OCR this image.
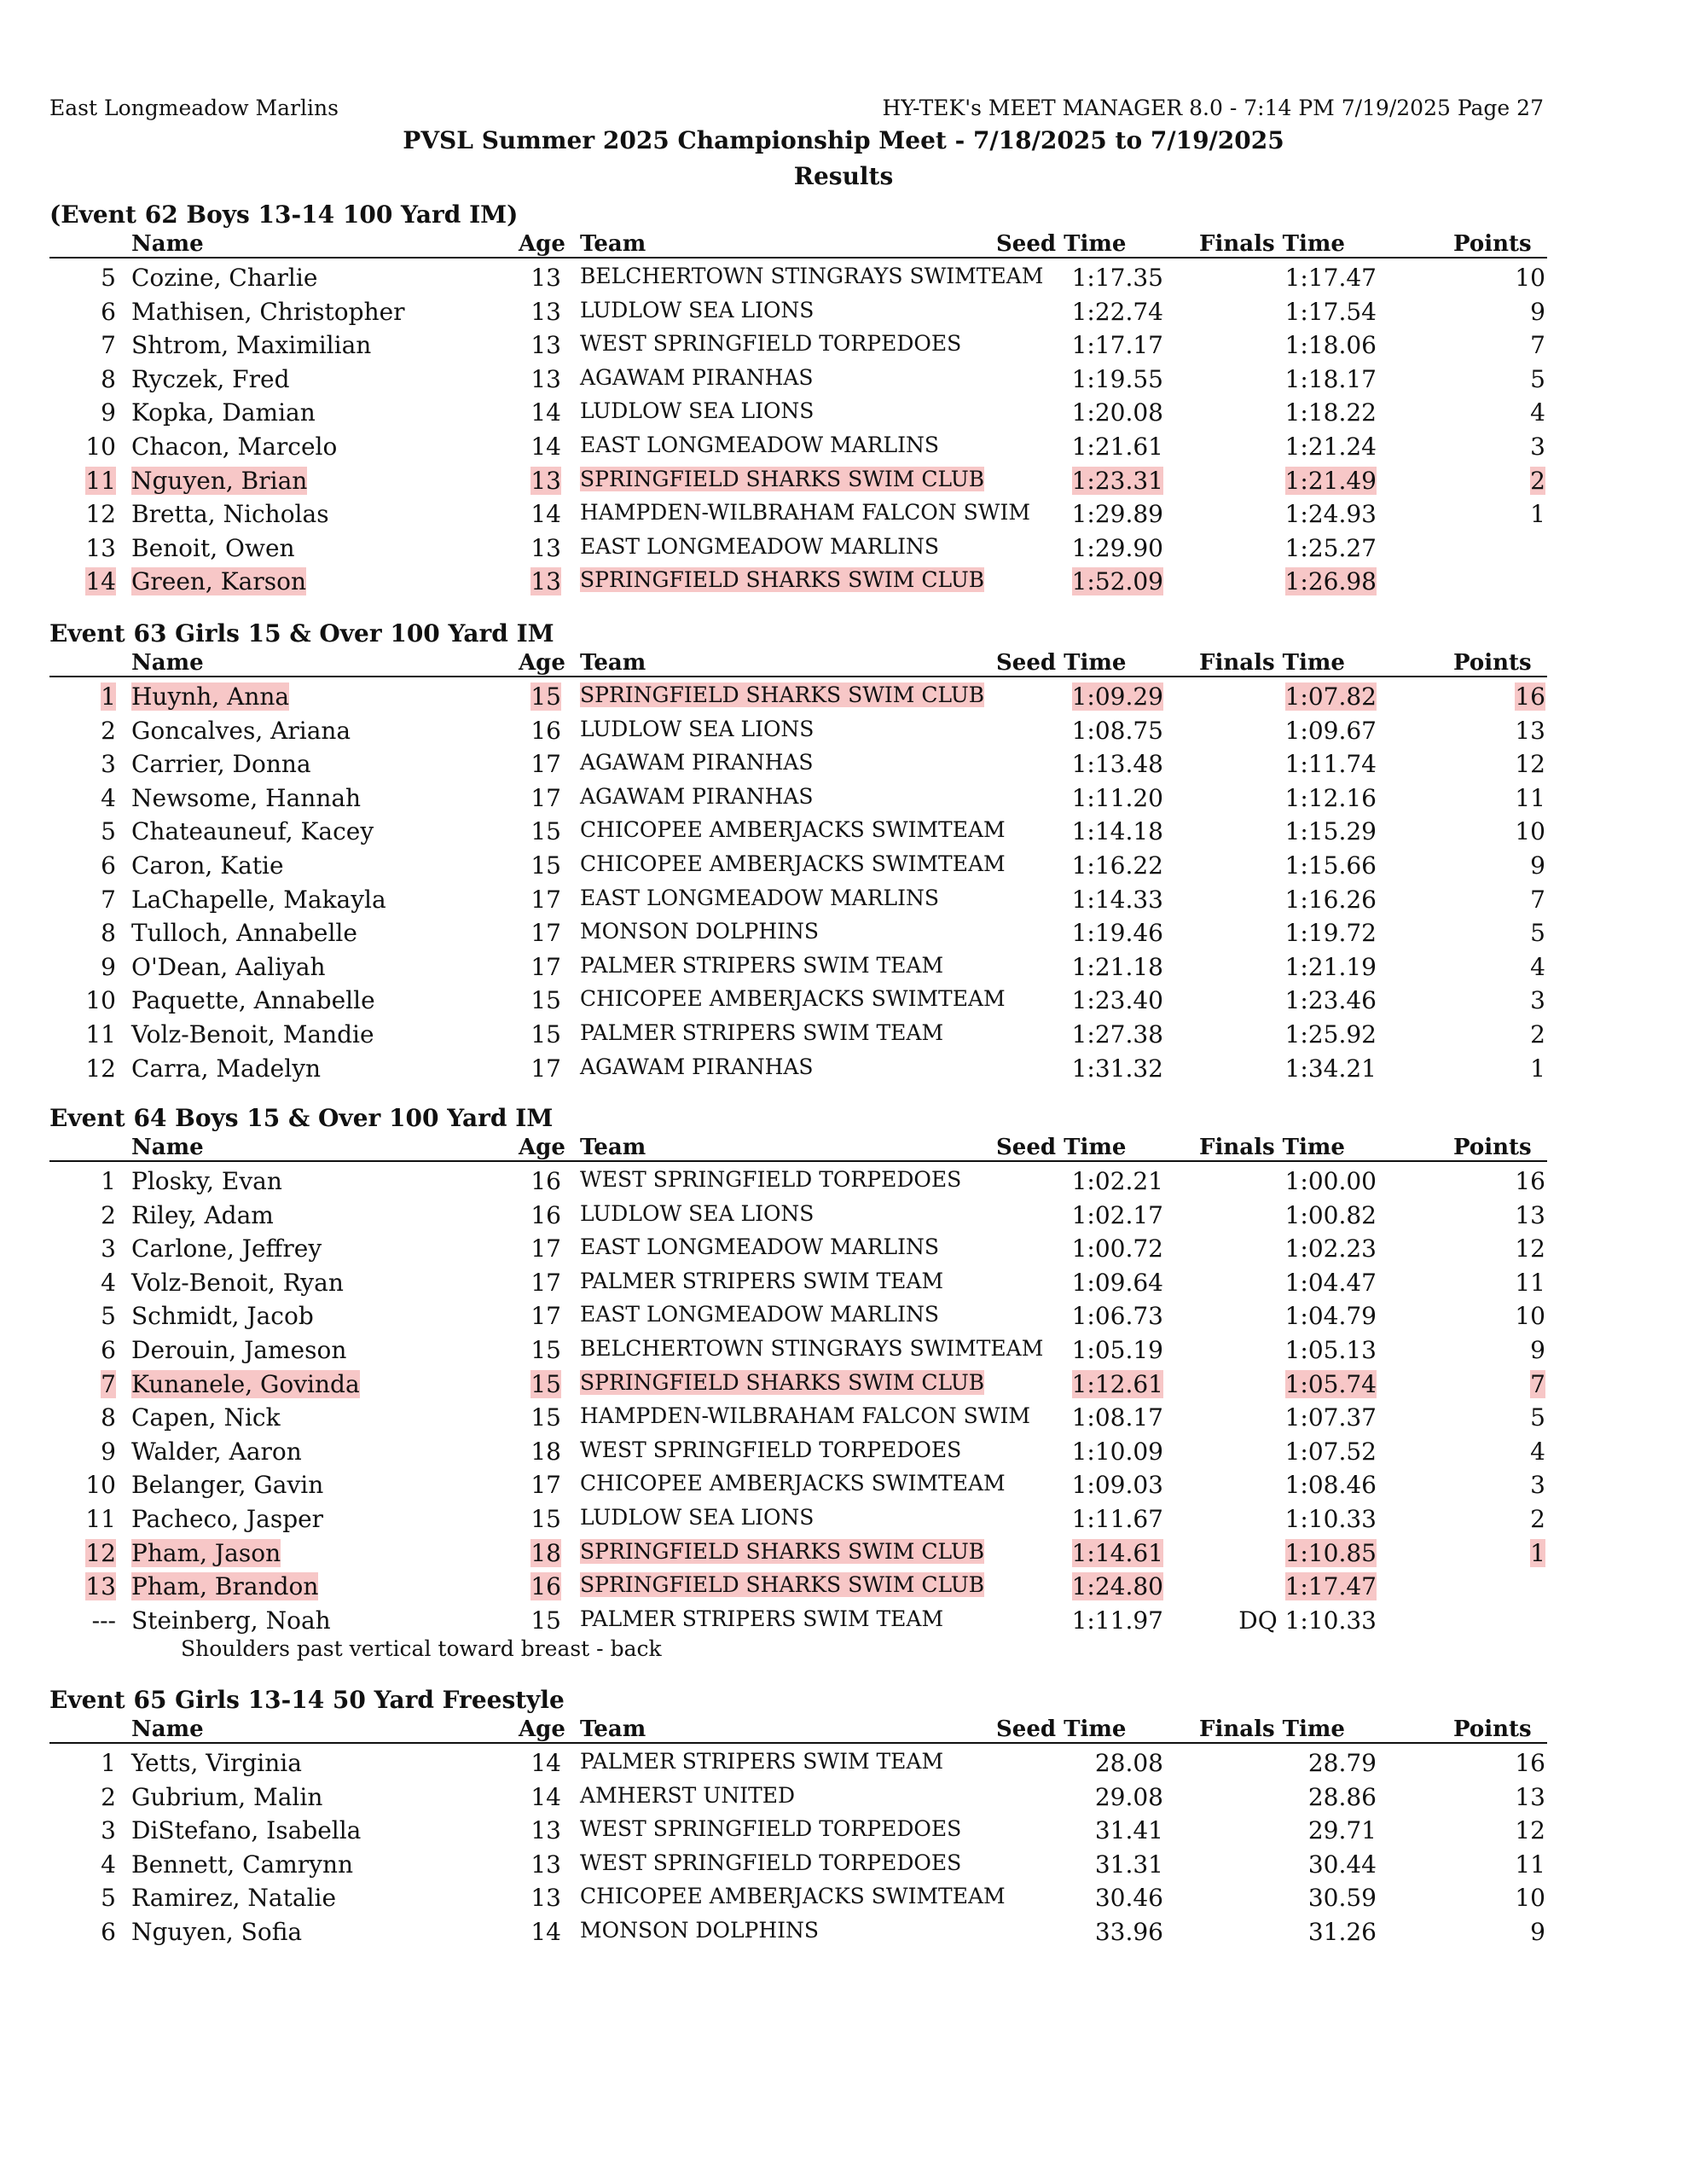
East Longmeadow Marlins	HY-TEK's MEET MANAGER 8.0 - 7:14 PM 7/19/2025 Page 27
PVSL Summer 2025 Championship Meet - 7/18/2025 to 7/19/2025
Results
(Event 62 Boys 13-14 100 Yard IM)
Name	Age Team	Seed Time	Finals Time	Points
5 Cozine, Charlie	13 BELCHERTOWN STINGRAYS SWIMTEAM	1:17.35	1:17.47	10
6 Mathisen, Christopher	13 LUDLOW SEA LIONS	1:22.74	1:17.54	9
7 Shtrom, Maximilian	13 WEST SPRINGFIELD TORPEDOES	1:17.17	1:18.06	7
8 Ryczek, Fred	13 AGAWAM PIRANHAS	1:19.55	1:18.17	5
9 Kopka, Damian	14 LUDLOW SEA LIONS	1:20.08	1:18.22	4
10 Chacon, Marcelo	14 EAST LONGMEADOW MARLINS	1:21.61	1:21.24	3
11 Nguyen, Brian	13 SPRINGFIELD SHARKS SWIM CLUB	1:23.31	1:21.49	2
12 Bretta, Nicholas	14 HAMPDEN-WILBRAHAM FALCON SWIM	1:29.89	1:24.93	1
13 Benoit, Owen	13 EAST LONGMEADOW MARLINS	1:29.90	1:25.27
14 Green, Karson	13 SPRINGFIELD SHARKS SWIM CLUB	1:52.09	1:26.98
Event 63 Girls 15 & Over 100 Yard IM
Name	Age Team	Seed Time	Finals Time	Points
1 Huynh, Anna	15 SPRINGFIELD SHARKS SWIM CLUB	1:09.29	1:07.82	16
2 Goncalves, Ariana	16 LUDLOW SEA LIONS	1:08.75	1:09.67	13
3 Carrier, Donna	17 AGAWAM PIRANHAS	1:13.48	1:11.74	12
4 Newsome, Hannah	17 AGAWAM PIRANHAS	1:11.20	1:12.16	11
5 Chateauneuf, Kacey	15 CHICOPEE AMBERJACKS SWIMTEAM	1:14.18	1:15.29	10
6 Caron, Katie	15 CHICOPEE AMBERJACKS SWIMTEAM	1:16.22	1:15.66	9
7 LaChapelle, Makayla	17 EAST LONGMEADOW MARLINS	1:14.33	1:16.26	7
8 Tulloch, Annabelle	17 MONSON DOLPHINS	1:19.46	1:19.72	5
9 O'Dean, Aaliyah	17 PALMER STRIPERS SWIM TEAM	1:21.18	1:21.19	4
10 Paquette, Annabelle	15 CHICOPEE AMBERJACKS SWIMTEAM	1:23.40	1:23.46	3
11 Volz-Benoit, Mandie	15 PALMER STRIPERS SWIM TEAM	1:27.38	1:25.92	2
12 Carra, Madelyn	17 AGAWAM PIRANHAS	1:31.32	1:34.21	1
Event 64 Boys 15 & Over 100 Yard IM
Name	Age Team	Seed Time	Finals Time	Points
1 Plosky, Evan	16 WEST SPRINGFIELD TORPEDOES	1:02.21	1:00.00	16
2 Riley, Adam	16 LUDLOW SEA LIONS	1:02.17	1:00.82	13
3 Carlone, Jeffrey	17 EAST LONGMEADOW MARLINS	1:00.72	1:02.23	12
4 Volz-Benoit, Ryan	17 PALMER STRIPERS SWIM TEAM	1:09.64	1:04.47	11
5 Schmidt, Jacob	17 EAST LONGMEADOW MARLINS	1:06.73	1:04.79	10
6 Derouin, Jameson	15 BELCHERTOWN STINGRAYS SWIMTEAM	1:05.19	1:05.13	9
7 Kunanele, Govinda	15 SPRINGFIELD SHARKS SWIM CLUB	1:12.61	1:05.74	7
8 Capen, Nick	15 HAMPDEN-WILBRAHAM FALCON SWIM	1:08.17	1:07.37	5
9 Walder, Aaron	18 WEST SPRINGFIELD TORPEDOES	1:10.09	1:07.52	4
10 Belanger, Gavin	17 CHICOPEE AMBERJACKS SWIMTEAM	1:09.03	1:08.46	3
11 Pacheco, Jasper	15 LUDLOW SEA LIONS	1:11.67	1:10.33	2
12 Pham, Jason	18 SPRINGFIELD SHARKS SWIM CLUB	1:14.61	1:10.85	1
13 Pham, Brandon	16 SPRINGFIELD SHARKS SWIM CLUB	1:24.80	1:17.47
--- Steinberg, Noah	15 PALMER STRIPERS SWIM TEAM	1:11.97	DQ 1:10.33
Shoulders past vertical toward breast - back
Event 65 Girls 13-14 50 Yard Freestyle
Name	Age Team	Seed Time	Finals Time	Points
1 Yetts, Virginia	14 PALMER STRIPERS SWIM TEAM	28.08	28.79	16
2 Gubrium, Malin	14 AMHERST UNITED	29.08	28.86	13
3 DiStefano, Isabella	13 WEST SPRINGFIELD TORPEDOES	31.41	29.71	12
4 Bennett, Camrynn	13 WEST SPRINGFIELD TORPEDOES	31.31	30.44	11
5 Ramirez, Natalie	13 CHICOPEE AMBERJACKS SWIMTEAM	30.46	30.59	10
6 Nguyen, Sofia	14 MONSON DOLPHINS	33.96	31.26	9
